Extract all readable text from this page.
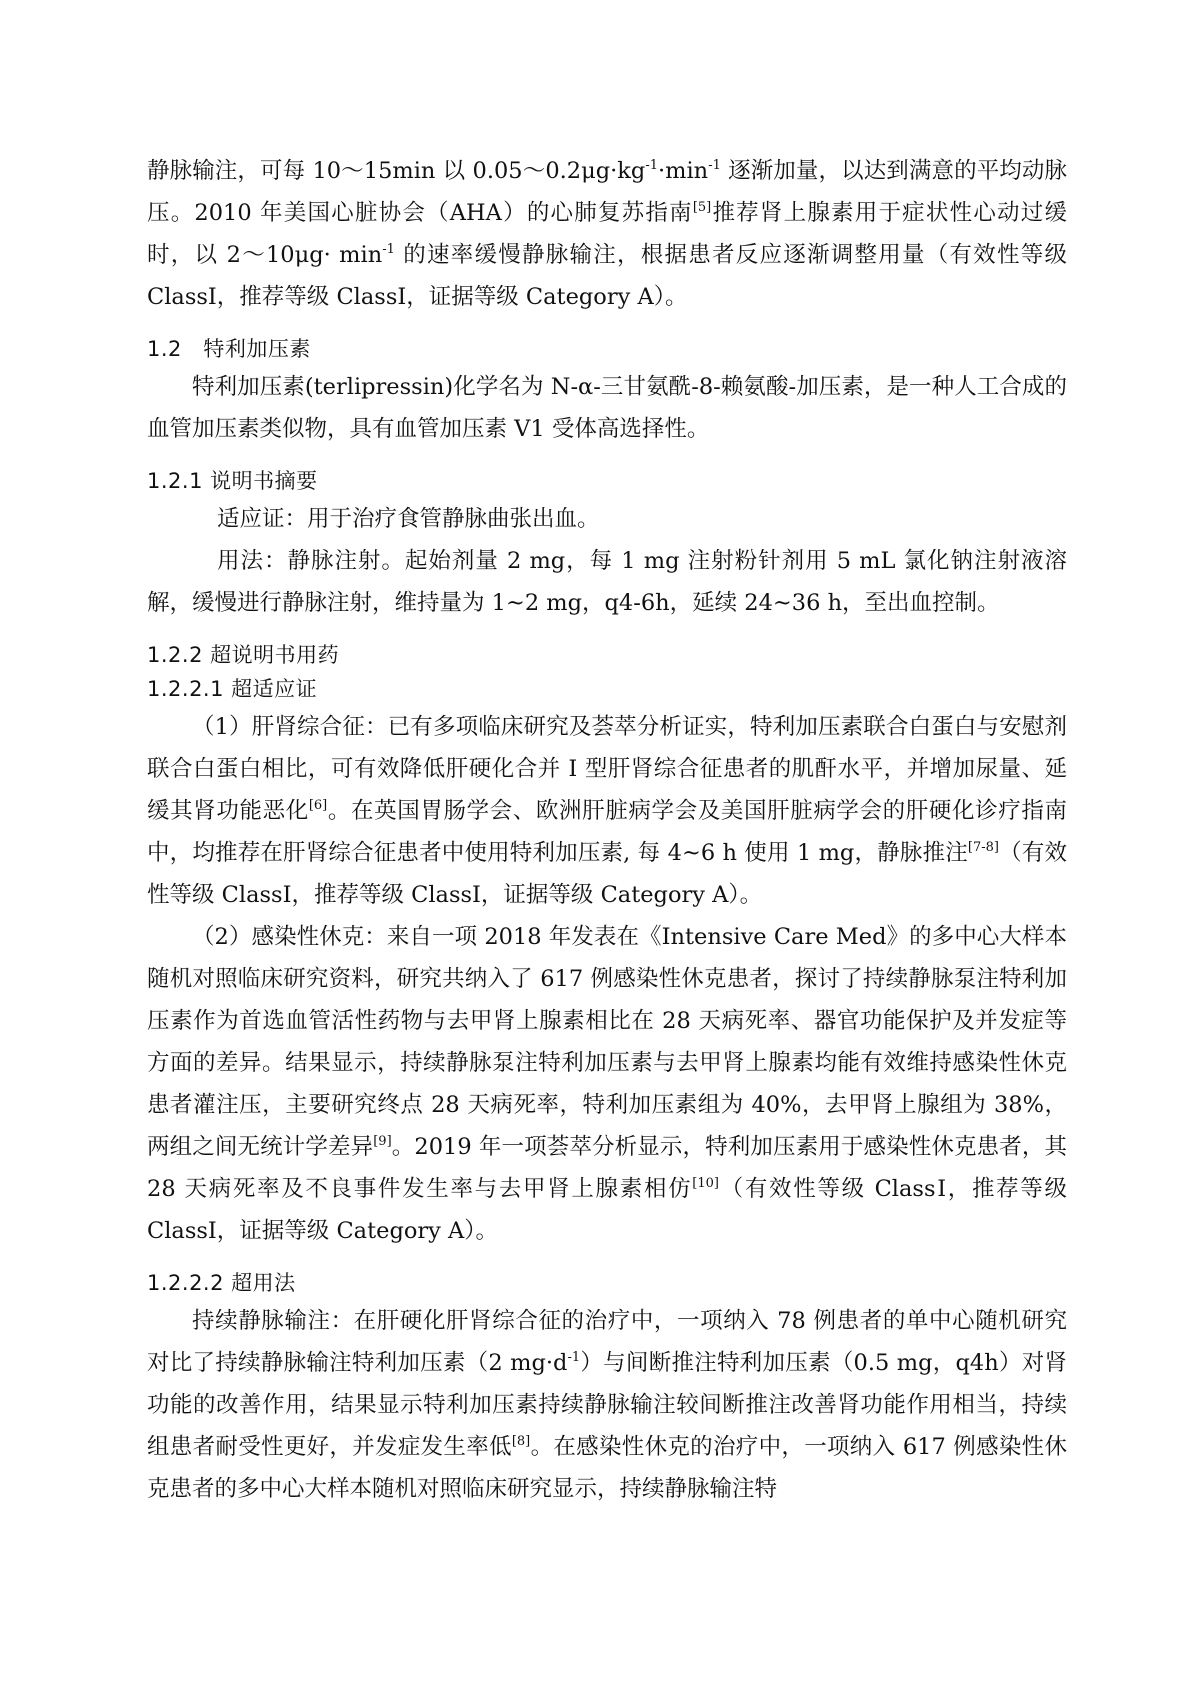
静脉输注，可每 10～15min 以 $0.05\sim 0.2\mu g\cdot kg^{-1}\cdot\min^{-1}$ 逐渐加量，以达到满意的平均动脉压。2010 年美国心脏协会（AHA）的心肺复苏指南[5]推荐肾上腺素用于症状性心动过缓时，以 2～10μg· $\min^{-1}$ 的速率缓慢静脉输注，根据患者反应逐渐调整用量（有效性等级 ClassⅠ，推荐等级 ClassⅠ，证据等级 Category A）。

1.2　特利加压素

特利加压素(terlipressin)化学名为 N-α-三甘氨酰-8-赖氨酸-加压素，是一种人工合成的血管加压素类似物，具有血管加压素 V1 受体高选择性。

1.2.1 说明书摘要

适应证：用于治疗食管静脉曲张出血。

用法：静脉注射。起始剂量 2 mg，每 1 mg 注射粉针剂用 5 mL 氯化钠注射液溶解，缓慢进行静脉注射，维持量为 1~2 mg，q4-6h，延续 24~36 h，至出血控制。

1.2.2 超说明书用药
1.2.2.1 超适应证

（1）肝肾综合征：已有多项临床研究及荟萃分析证实，特利加压素联合白蛋白与安慰剂联合白蛋白相比，可有效降低肝硬化合并 I 型肝肾综合征患者的肌酐水平，并增加尿量、延缓其肾功能恶化[6]。在英国胃肠学会、欧洲肝脏病学会及美国肝脏病学会的肝硬化诊疗指南中，均推荐在肝肾综合征患者中使用特利加压素, 每 4~6 h 使用 1 mg，静脉推注[7-8]（有效性等级 ClassⅠ，推荐等级 ClassⅠ，证据等级 Category A）。

（2）感染性休克：来自一项 2018 年发表在《Intensive Care Med》的多中心大样本随机对照临床研究资料，研究共纳入了 617 例感染性休克患者，探讨了持续静脉泵注特利加压素作为首选血管活性药物与去甲肾上腺素相比在 28 天病死率、器官功能保护及并发症等方面的差异。结果显示，持续静脉泵注特利加压素与去甲肾上腺素均能有效维持感染性休克患者灌注压，主要研究终点 28 天病死率，特利加压素组为 40%，去甲肾上腺组为 38%，两组之间无统计学差异[9]。2019 年一项荟萃分析显示，特利加压素用于感染性休克患者，其 28 天病死率及不良事件发生率与去甲肾上腺素相仿[10]（有效性等级 ClassⅠ，推荐等级 ClassⅠ，证据等级 Category A）。

1.2.2.2 超用法

持续静脉输注：在肝硬化肝肾综合征的治疗中，一项纳入 78 例患者的单中心随机研究对比了持续静脉输注特利加压素（2 $mg\cdot d^{-1}$）与间断推注特利加压素（0.5 mg，q4h）对肾功能的改善作用，结果显示特利加压素持续静脉输注较间断推注改善肾功能作用相当，持续组患者耐受性更好，并发症发生率低[8]。在感染性休克的治疗中，一项纳入 617 例感染性休克患者的多中心大样本随机对照临床研究显示，持续静脉输注特
